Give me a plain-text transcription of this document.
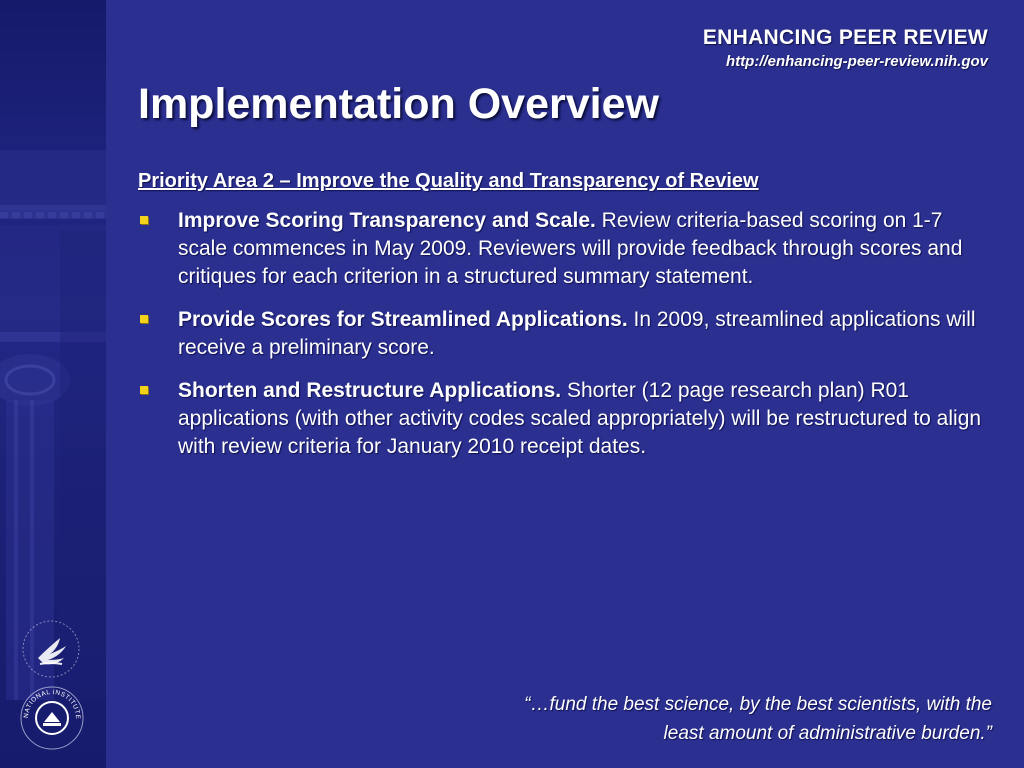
NATIONAL INSTITUTE
ENHANCING PEER REVIEW
http://enhancing-peer-review.nih.gov
Implementation Overview
Priority Area 2 – Improve the Quality and Transparency of Review
Improve Scoring Transparency and Scale. Review criteria-based scoring on 1-7 scale commences in May 2009. Reviewers will provide feedback through scores and critiques for each criterion in a structured summary statement.
Provide Scores for Streamlined Applications. In 2009, streamlined applications will receive a preliminary score.
Shorten and Restructure Applications. Shorter (12 page research plan) R01 applications (with other activity codes scaled appropriately) will be restructured to align with review criteria for January 2010 receipt dates.
“…fund the best science, by the best scientists, with the
least amount of administrative burden.”
